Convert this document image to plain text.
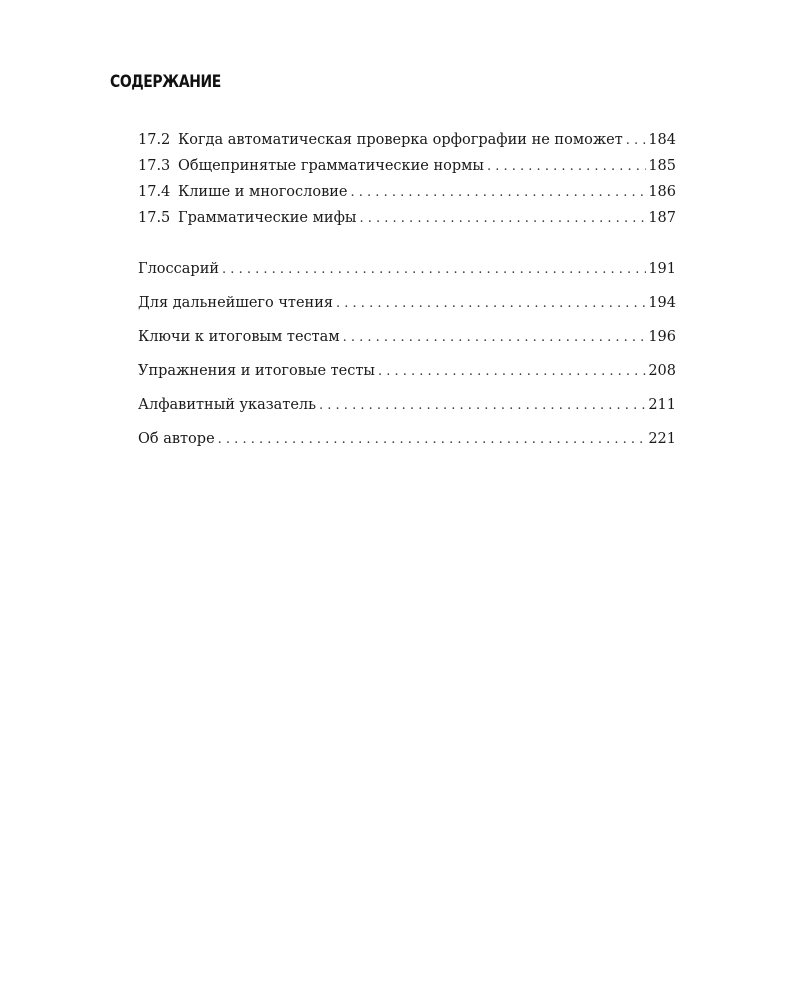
СОДЕРЖАНИЕ
17.2 Когда автоматическая проверка орфографии не поможет . . . 184
17.3 Общепринятые грамматические нормы . . .	185
17.4 Клише и многословие . . .	186
17.5 Грамматические мифы . . .	187
Глоссарий . . .	191
Для дальнейшего чтения . . .	194
Ключи к итоговым тестам . . .	196
Упражнения и итоговые тесты . . .	208
Алфавитный указатель . . .	211
Об авторе . . .	221
